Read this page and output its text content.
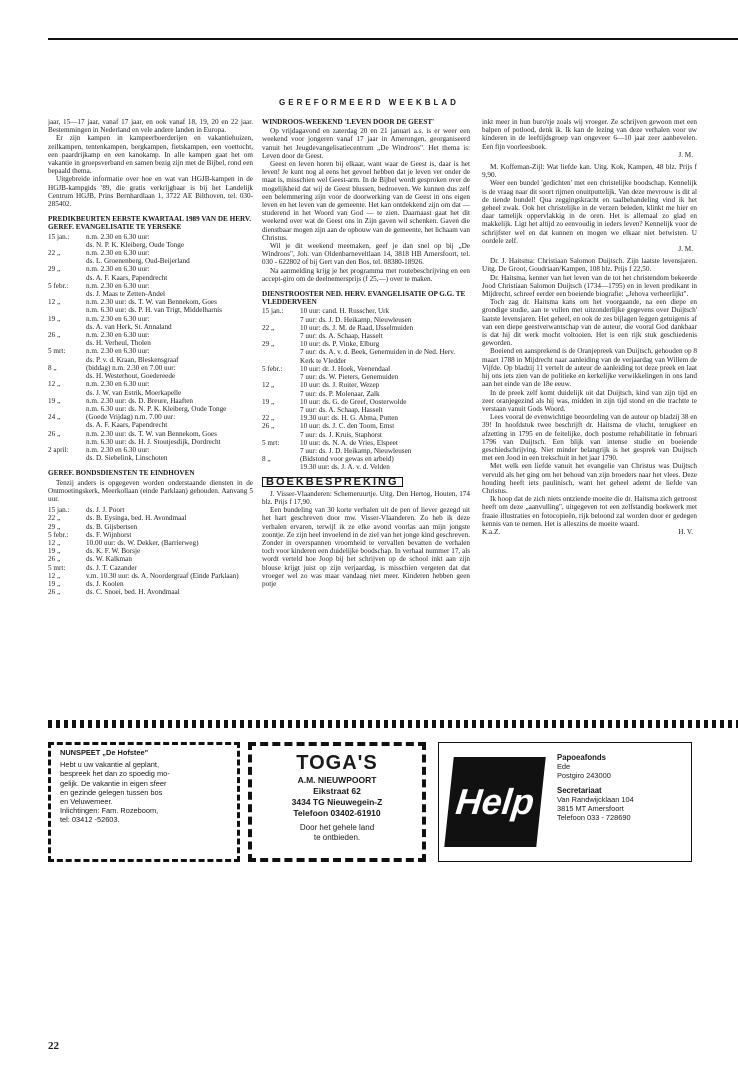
GEREFORMEERD WEEKBLAD

jaar, 15—17 jaar, vanaf 17 jaar, en ook vanaf 18, 19, 20 en 22 jaar. Bestemmingen in Nederland en vele andere landen in Europa.

Er zijn kampen in kampeerboerderijen en vakantiehuizen, zeilkampen, tentenkampen, bergkampen, fietskampen, een voettocht, een paardrijkamp en een kanokamp. In alle kampen gaat het om vakantie in groepsverband en samen bezig zijn met de Bijbel, rond een bepaald thema.

Uitgebreide informatie over hoe en wat van HGJB-kampen in de HGJB-kampgids '89, die gratis verkrijgbaar is bij het Landelijk Centrum HGJB, Prins Bernhardlaan 1, 3722 AE Bilthoven, tel. 030-285402.

PREDIKBEURTEN EERSTE KWARTAAL 1989 VAN DE HERV. GEREF. EVANGELISATIE TE YERSEKE
15 jan.:	n.m. 2.30 en 6.30 uur:
ds. N. P. K. Kleiberg, Oude Tonge
22 „	n.m. 2.30 en 6.30 uur:
ds. L. Groenenberg, Oud-Beijerland
29 „	n.m. 2.30 en 6.30 uur:
ds. A. F. Kaars, Papendrecht
5 febr.:	n.m. 2.30 en 6.30 uur:
ds. J. Maas te Zetten-Andel
12 „	n.m. 2.30 uur: ds. T. W. van Bennekom, Goes
n.m. 6.30 uur: ds. P. H. van Trigt, Middelharnis
19 „	n.m. 2.30 en 6.30 uur:
ds. A. van Herk, St. Annaland
26 „	n.m. 2.30 en 6.30 uur:
ds. H. Verheul, Tholen
5 mrt:	n.m. 2.30 en 6.30 uur:
ds. P. v. d. Kraan, Bleskensgraaf
8 „	(biddag) n.m. 2.30 en 7.00 uur:
ds. H. Westerhout, Goedereede
12 „	n.m. 2.30 en 6.30 uur:
ds. J. W. van Estrik, Moerkapelle
19 „	n.m. 2.30 uur: ds. D. Breure, Haaften
n.m. 6.30 uur: ds. N. P. K. Kleiberg, Oude Tonge
24 „	(Goede Vrijdag) n.m. 7.00 uur:
ds. A. F. Kaars, Papendrecht
26 „	n.m. 2.30 uur: ds. T. W. van Bennekom, Goes
n.m. 6.30 uur: ds. H. J. Stoutjesdijk, Dordrecht
2 april:	n.m. 2.30 en 6.30 uur:
ds. D. Siebelink, Linschoten
GEREF. BONDSDIENSTEN TE EINDHOVEN

Tenzij anders is opgegeven worden onderstaande diensten in de Ontmoetingskerk, Meerkollaan (einde Parklaan) gehouden. Aanvang 5 uur.

15 jan.:	ds. J. J. Poort
22 „	ds. B. Eysinga, bed. H. Avondmaal
29 „	ds. B. Gijsbertsen
5 febr.:	ds. F. Wijnhorst
12 „	10.00 uur: ds. W. Dekker, (Barrierweg)
19 „	ds. K. F. W. Borsje
26 „	ds. W. Kalkman
5 mrt:	ds. J. T. Cazander
12 „	v.m. 10.30 uur: ds. A. Noordergraaf (Einde Parklaan)
19 „	ds. J. Koolen
26 „	ds. C. Snoei, bed. H. Avondmaal
WINDROOS-WEEKEND 'LEVEN DOOR DE GEEST'

Op vrijdagavond en zaterdag 20 en 21 januari a.s. is er weer een weekend voor jongeren vanaf 17 jaar in Amerongen, georganiseerd vanuit het Jeugdevangelisatiecentrum „De Windroos". Het thema is: Leven door de Geest.

Geest en leven horen bij elkaar, want waar de Geest is, daar is het leven! Je kunt nog al eens het gevoel hebben dat je leven ver onder de maat is, misschien wel Geest-arm. In de Bijbel wordt gesproken over de mogelijkheid dat wij de Geest blussen, bedroeven. We kunnen dus zelf een belemmering zijn voor de doorwerking van de Geest in ons eigen leven en het leven van de gemeente. Het kan ontdekkend zijn om dat — studerend in het Woord van God — te zien. Daarnaast gaat het dit weekend over wat de Geest ons in Zijn gaven wil schenken. Gaven die dienstbaar mogen zijn aan de opbouw van de gemeente, het lichaam van Christus.

Wil je dit weekend meemaken, geef je dan snel op bij „De Windroos", Joh. van Oldenbarneveltlaan 14, 3818 HB Amersfoort, tel. 030 - 622802 of bij Gert van den Bos, tel. 08380-18926.

Na aanmelding krijg je het programma met routebeschrijving en een accept-giro om de deelnemersprijs (f 25,—) over te maken.

DIENSTROOSTER NED. HERV. EVANGELISATIE OP G.G. TE VLEDDERVEEN
15 jan.:	10 uur: cand. H. Russcher, Urk
7 uur: ds. J. D. Heikamp, Nieuwleusen
22 „	10 uur: ds. J. M. de Raad, IJsselmuiden
7 uur: ds. A. Schaap, Hasselt
29 „	10 uur: ds. P. Vinke, Elburg
7 uur: ds. A. v. d. Beek, Genemuiden in de Ned. Herv. Kerk te Vledder
5 febr.:	10 uur: dr. J. Hoek, Veenendaal
7 uur: ds. W. Pieters, Genemuiden
12 „	10 uur: ds. J. Ruiter, Wezep
7 uur: ds. P. Molenaar, Zalk
19 „	10 uur: ds. G. de Greef, Oosterwolde
7 uur: ds. A. Schaap, Hasselt
22 „	19.30 uur: ds. H. G. Abma, Putten
26 „	10 uur: ds. J. C. den Toom, Emst
7 uur: ds. J. Kruis, Staphorst
5 mrt:	10 uur: ds. N. A. de Vries, Elspeet
7 uur: ds. J. D. Heikamp, Nieuwleusen
8 „	(Bidstond voor gewas en arbeid)
19.30 uur: ds. J. A. v. d. Velden
BOEKBESPREKING

J. Visser-Vlaanderen: Schemeruurtje. Uitg. Den Hertog, Houten, 174 blz. Prijs f 17,90.

Een bundeling van 30 korte verhalen uit de pen of liever gezegd uit het hart geschreven door mw. Visser-Vlaanderen. Zo heb ik deze verhalen ervaren, terwijl ik ze elke avond voorlas aan mijn jongste zoontje. Ze zijn heel invoelend in de ziel van het jonge kind geschreven. Zonder in overspannen vroomheid te vervallen bevatten de verhalen toch voor kinderen een duidelijke boodschap. In verhaal nummer 17, als wordt verteld hoe Joop bij het schrijven op de school inkt aan zijn blouse krijgt juist op zijn verjaardag, is misschien vergeten dat dat vroeger wel zo was maar vandaag niet meer. Kinderen hebben geen potje

inkt meer in hun buro'tje zoals wij vroeger. Ze schrijven gewoon met een balpen of potlood, denk ik. Ik kan de lezing van deze verhalen voor uw kinderen in de leeftijdsgroep van ongeveer 6—10 jaar zeer aanbevelen. Een fijn voorleesboek.

J. M.

M. Koffeman-Zijl: Wat liefde kan. Uitg. Kok, Kampen, 48 blz. Prijs f 9,90.

Weer een bundel 'gedichten' met een christelijke boodschap. Kennelijk is de vraag naar dit soort rijmen onuitputtelijk. Van deze mevrouw is dit al de tiende bundel! Qua zeggingskracht en taalbehandeling vind ik het geheel zwak. Ook het christelijke in de verzen beleden, klinkt me hier en daar tamelijk oppervlakkig in de oren. Het is allemaal zo glad en makkelijk. Ligt het altijd zo eenvoudig in ieders leven? Kennelijk voor de schrijfster wel en dat kunnen en mogen we elkaar niet betwisten. U oordele zelf.

J. M.

Dr. J. Haitsma: Christiaan Salomon Duijtsch. Zijn laatste levensjaren. Uitg. De Groot, Goudriaan/Kampen, 108 blz. Prijs f 22,50.

Dr. Haitsma, kenner van het leven van de tot het christendom bekeerde Jood Christiaan Salomon Duijtsch (1734—1795) en in leven predikant in Mijdrecht, schreef eerder een boeiende biografie: „Jehova verheerlijkt".

Toch zag dr. Haitsma kans om het voorgaande, na een diepe en grondige studie, aan te vullen met uitzonderlijke gegevens over Duijtsch' laatste levensjaren. Het geheel, en ook de zes bijlagen leggen getuigenis af van een diepe geestverwantschap van de auteur, die vooral God dankbaar is dat hij dit werk mocht voltooien. Het is een rijk stuk geschiedenis geworden.

Boeiend en aansprekend is de Oranjepreek van Duijtsch, gehouden op 8 maart 1788 in Mijdrecht naar aanleiding van de verjaardag van Willem de Vijfde. Op bladzij 11 vertelt de auteur de aanleiding tot deze preek en laat hij ons iets zien van de politieke en kerkelijke verwikkelingen in ons land aan het einde van de 18e eeuw.

In de preek zelf komt duidelijk uit dat Duijtsch, kind van zijn tijd en zeer oranjegezind als hij was, midden in zijn tijd stond en die trachtte te verstaan vanuit Gods Woord.

Lees vooral de evenwichtige beoordeling van de auteur op bladzij 38 en 39! In hoofdstuk twee beschrijft dr. Haitsma de vlucht, terugkeer en afzetting in 1795 en de feitelijke, doch postume rehabilitatie in februari 1796 van Duijtsch. Een blijk van intense studie en boeiende geschiedschrijving. Niet minder belangrijk is het gesprek van Duijtsch met een Jood in een trekschuit in het jaar 1790.

Met welk een liefde vanuit het evangelie van Christus was Duijtsch vervuld als het ging om het behoud van zijn broeders naar het vlees. Deze houding heeft iets paulinisch, want het geheel ademt de liefde van Christus.

Ik hoop dat de zich niets ontziende moeite die dr. Haitsma zich getroost heeft om deze „aanvulling", uitgegeven tot een zelfstandig boekwerk met fraaie illustraties en fotocopieën, rijk beloond zal worden door er gedegen kennis van te nemen. Het is alleszins de moeite waard.

K.a.Z.	H. V.
NUNSPEET „De Hofstee"
Hebt u uw vakantie al geplant,
bespreek het dan zo spoedig mo-
gelijk. De vakantie in eigen sfeer
en gezinde gelegen tussen bos
en Veluwemeer.
Inlichtingen: Fam. Rozeboom,
tel: 03412 -52603.
TOGA'S
A.M. NIEUWPOORT
Eikstraat 62
3434 TG Nieuwegein-Z
Telefoon 03402-61910
Door het gehele land
te ontbieden.
Help
Papoeafonds
Ede
Postgiro 243000
Secretariaat
Van Randwijcklaan 104
3815 MT Amersfoort
Telefoon 033 - 728690
22
